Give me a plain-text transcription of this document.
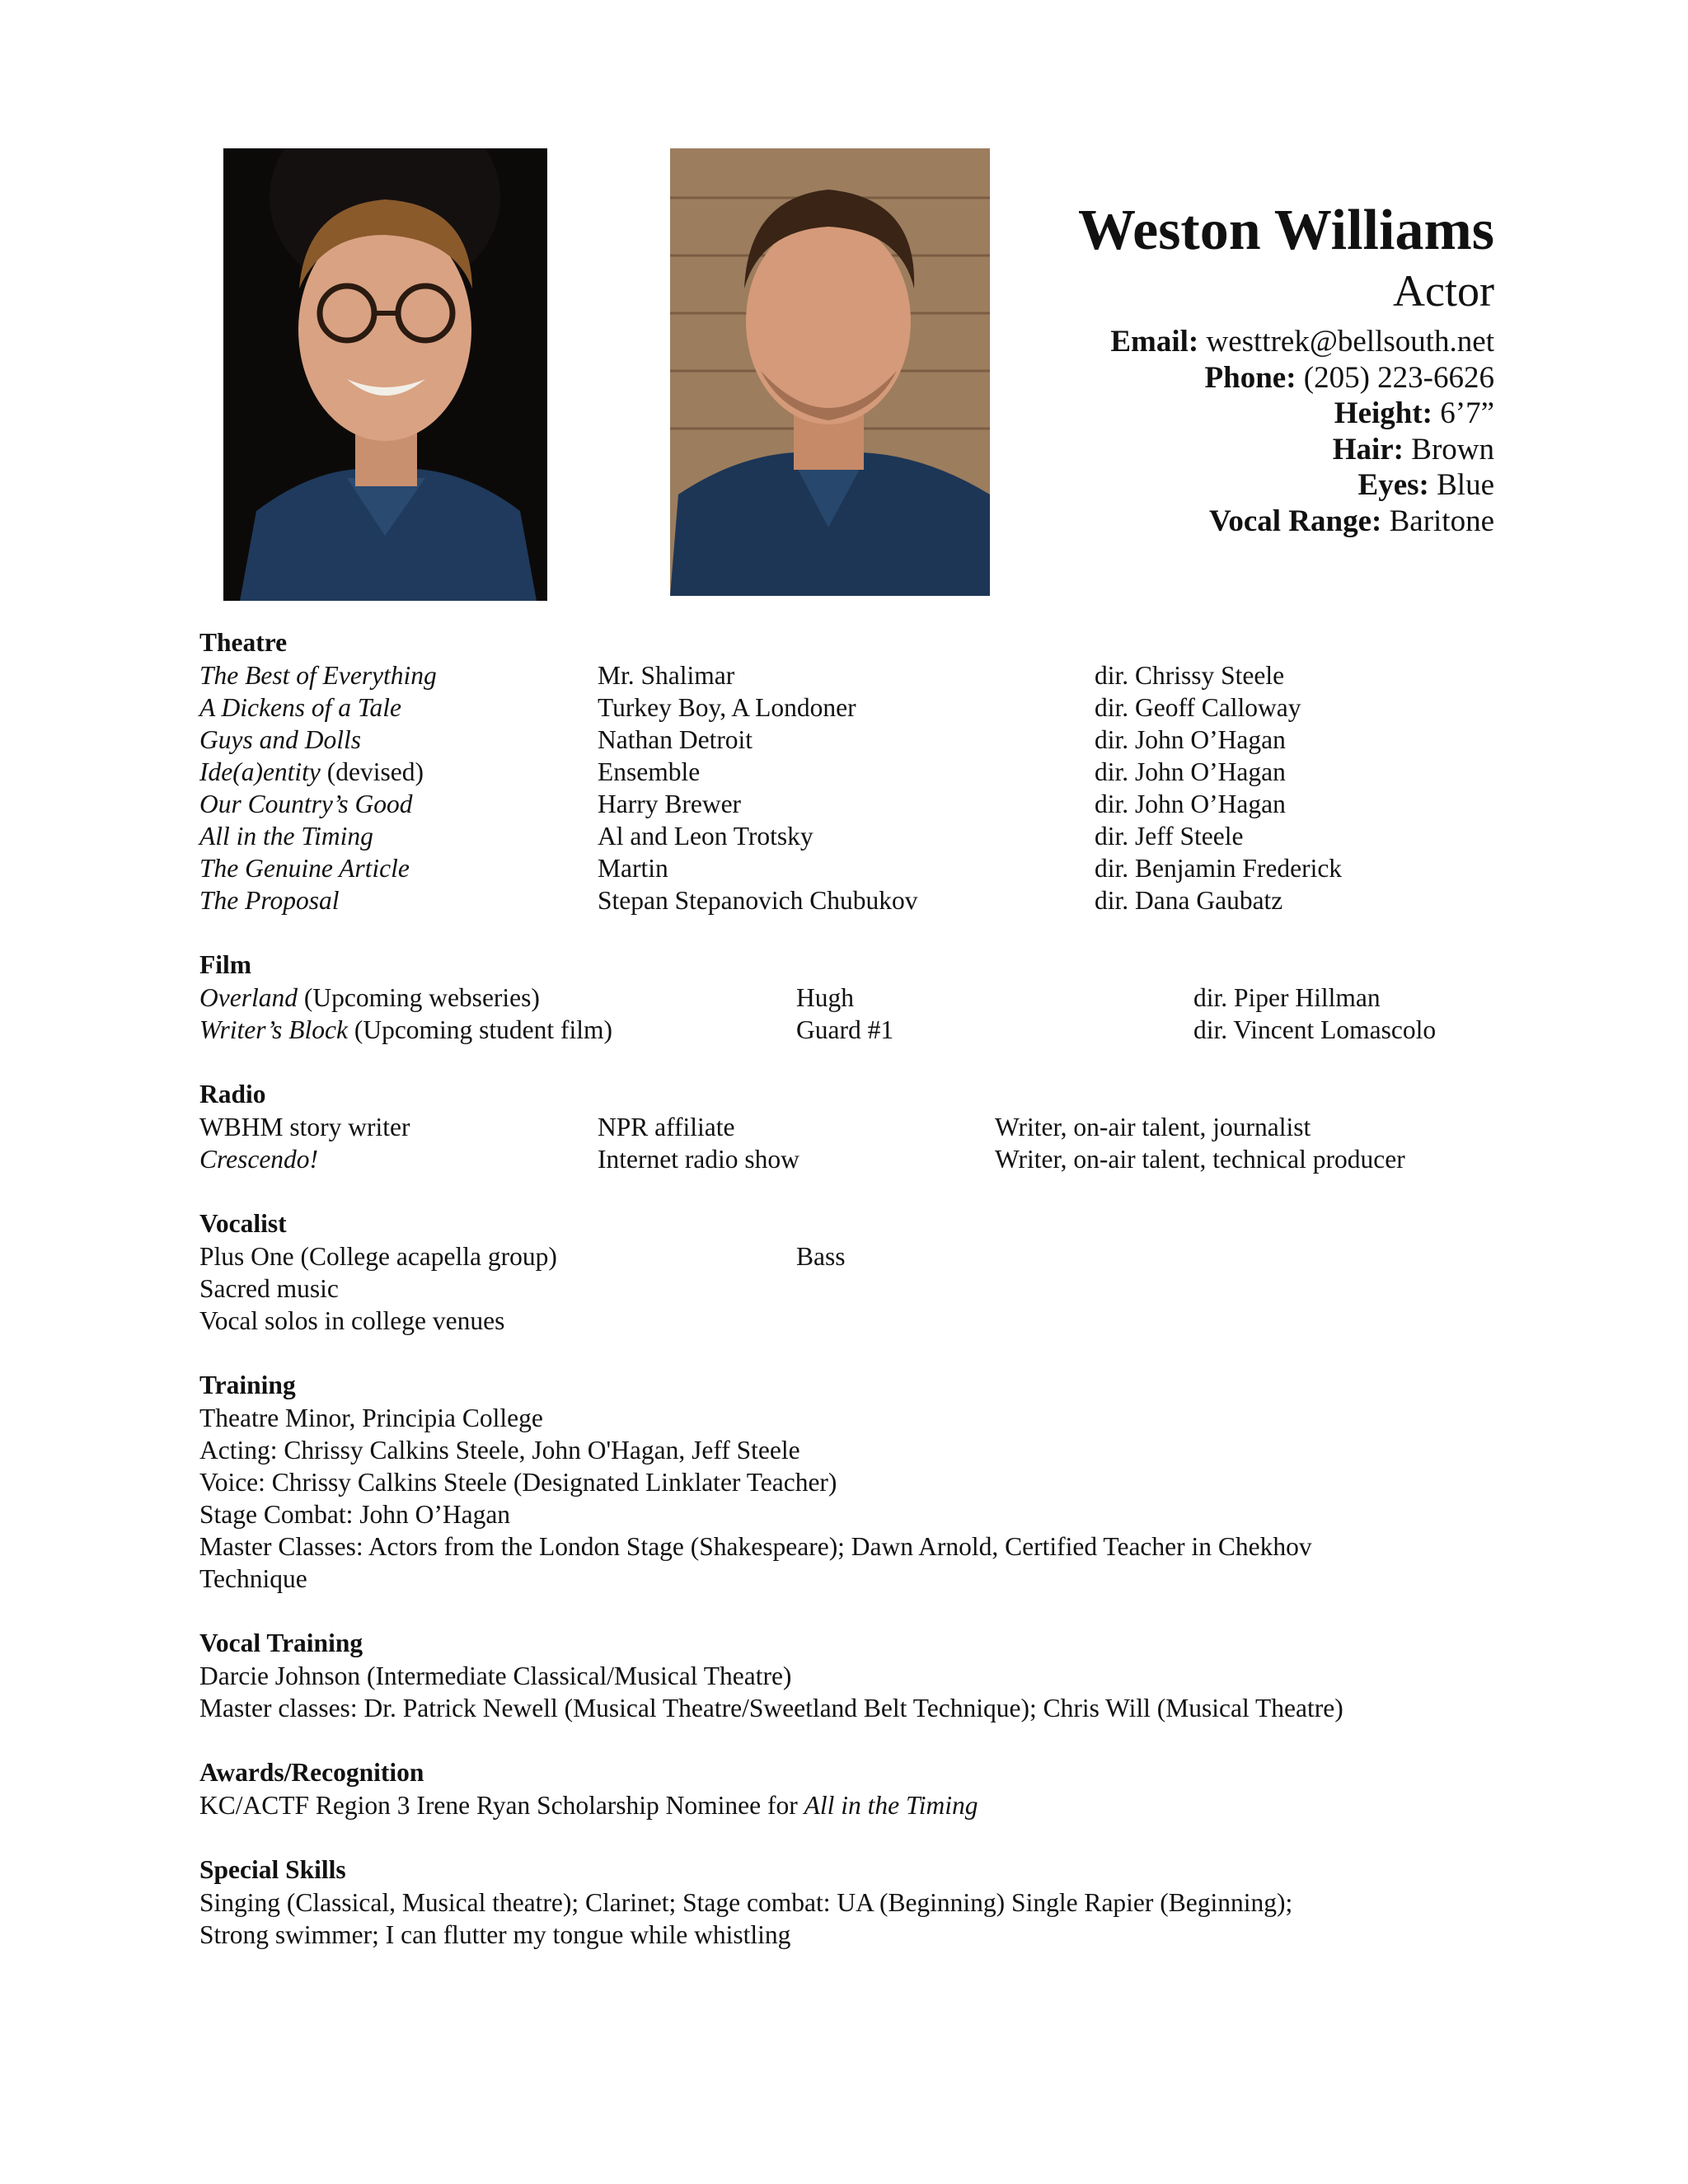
Weston Williams
Actor
Email: westtrek@bellsouth.net
Phone: (205) 223-6626
Height: 6’7”
Hair: Brown
Eyes: Blue
Vocal Range: Baritone
Theatre
The Best of Everything	Mr. Shalimar	dir. Chrissy Steele
A Dickens of a Tale	Turkey Boy, A Londoner	dir. Geoff Calloway
Guys and Dolls	Nathan Detroit	dir. John O’Hagan
Ide(a)entity (devised)	Ensemble	dir. John O’Hagan
Our Country’s Good	Harry Brewer	dir. John O’Hagan
All in the Timing	Al and Leon Trotsky	dir. Jeff Steele
The Genuine Article	Martin	dir. Benjamin Frederick
The Proposal	Stepan Stepanovich Chubukov	dir. Dana Gaubatz
Film
Overland (Upcoming webseries)	Hugh	dir. Piper Hillman
Writer’s Block (Upcoming student film)	Guard #1	dir. Vincent Lomascolo
Radio
WBHM story writer	NPR affiliate	Writer, on-air talent, journalist
Crescendo!	Internet radio show	Writer, on-air talent, technical producer
Vocalist
Plus One (College acapella group)	Bass
Sacred music
Vocal solos in college venues
Training
Theatre Minor, Principia College
Acting: Chrissy Calkins Steele, John O'Hagan, Jeff Steele
Voice: Chrissy Calkins Steele (Designated Linklater Teacher)
Stage Combat: John O’Hagan
Master Classes: Actors from the London Stage (Shakespeare); Dawn Arnold, Certified Teacher in Chekhov
Technique
Vocal Training
Darcie Johnson (Intermediate Classical/Musical Theatre)
Master classes: Dr. Patrick Newell (Musical Theatre/Sweetland Belt Technique); Chris Will (Musical Theatre)
Awards/Recognition
KC/ACTF Region 3 Irene Ryan Scholarship Nominee for All in the Timing
Special Skills
Singing (Classical, Musical theatre); Clarinet; Stage combat: UA (Beginning) Single Rapier (Beginning);
Strong swimmer; I can flutter my tongue while whistling
